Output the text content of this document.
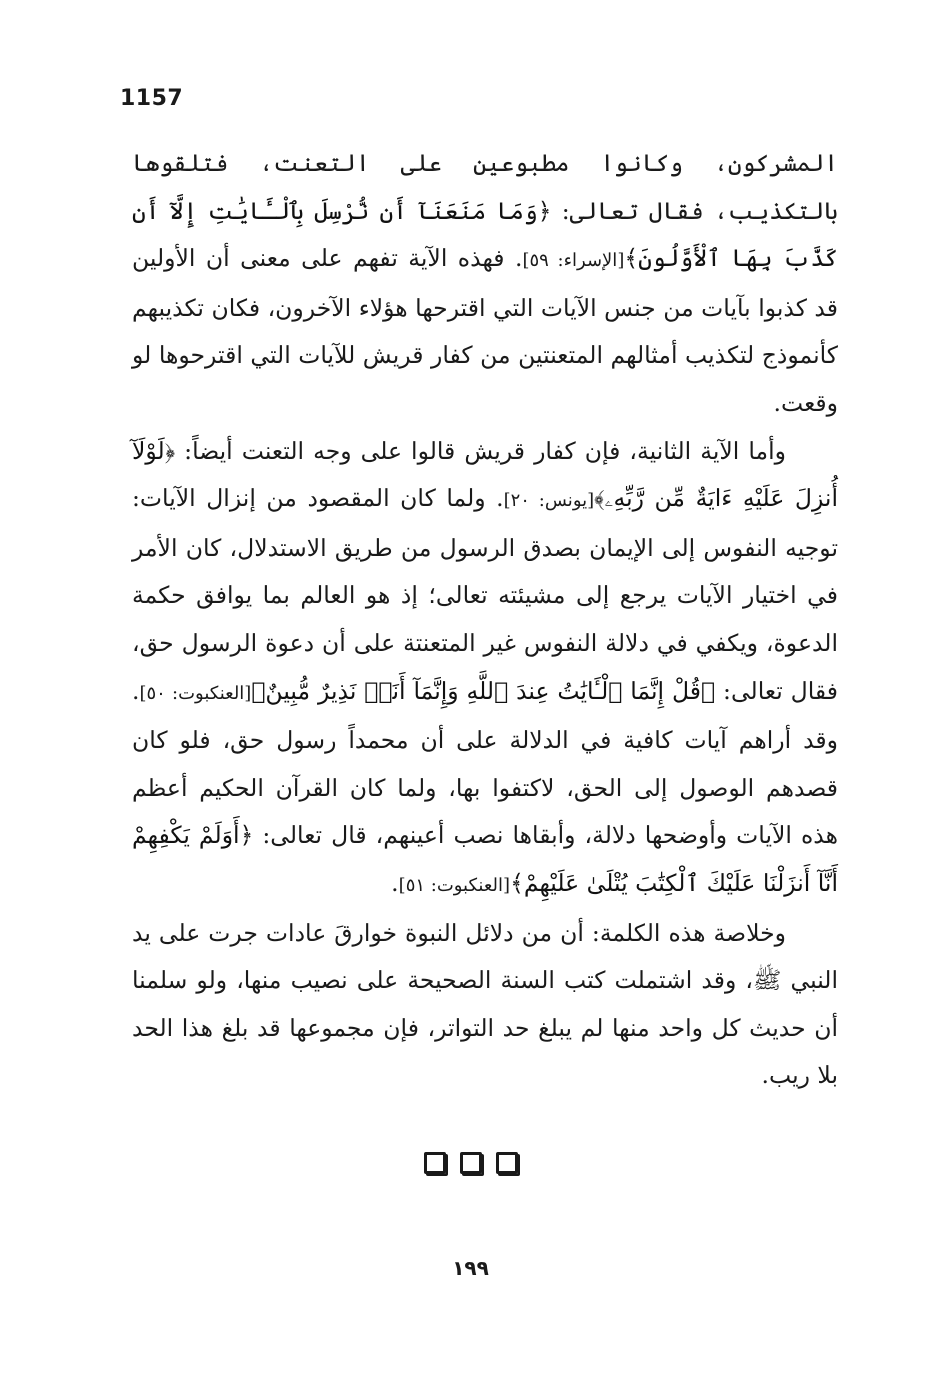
1157

المشركون، وكانوا مطبوعين على التعنت، فتلقوها بالتكذيب، فقال تعالى: ﴿وَمَا مَنَعَنَآ أَن نُّرْسِلَ بِٱلْـَٔايَٰتِ إِلَّآ أَن كَذَّبَ بِهَا ٱلْأَوَّلُونَ﴾[الإسراء: ٥٩]. فهذه الآية تفهم على معنى أن الأولين قد كذبوا بآيات من جنس الآيات التي اقترحها هؤلاء الآخرون، فكان تكذيبهم كأنموذج لتكذيب أمثالهم المتعنتين من كفار قريش للآيات التي اقترحوها لو وقعت.

وأما الآية الثانية، فإن كفار قريش قالوا على وجه التعنت أيضاً: ﴿لَوْلَآ أُنزِلَ عَلَيْهِ ءَايَةٌ مِّن رَّبِّهِۦ﴾[يونس: ٢٠]. ولما كان المقصود من إنزال الآيات: توجيه النفوس إلى الإيمان بصدق الرسول من طريق الاستدلال، كان الأمر في اختيار الآيات يرجع إلى مشيئته تعالى؛ إذ هو العالم بما يوافق حكمة الدعوة، ويكفي في دلالة النفوس غير المتعنتة على أن دعوة الرسول حق، فقال تعالى: ﴿قُلْ إِنَّمَا ٱلْـَٔايَٰتُ عِندَ ٱللَّهِ وَإِنَّمَآ أَنَا۠ نَذِيرٌ مُّبِينٌ﴾[العنكبوت: ٥٠]. وقد أراهم آيات كافية في الدلالة على أن محمداً رسول حق، فلو كان قصدهم الوصول إلى الحق، لاكتفوا بها، ولما كان القرآن الحكيم أعظم هذه الآيات وأوضحها دلالة، وأبقاها نصب أعينهم، قال تعالى: ﴿أَوَلَمْ يَكْفِهِمْ أَنَّآ أَنزَلْنَا عَلَيْكَ ٱلْكِتَٰبَ يُتْلَىٰ عَلَيْهِمْ﴾[العنكبوت: ٥١].

وخلاصة هذه الكلمة: أن من دلائل النبوة خوارقَ عادات جرت على يد النبي ﷺ، وقد اشتملت كتب السنة الصحيحة على نصيب منها، ولو سلمنا أن حديث كل واحد منها لم يبلغ حد التواتر، فإن مجموعها قد بلغ هذا الحد بلا ريب.

١٩٩
